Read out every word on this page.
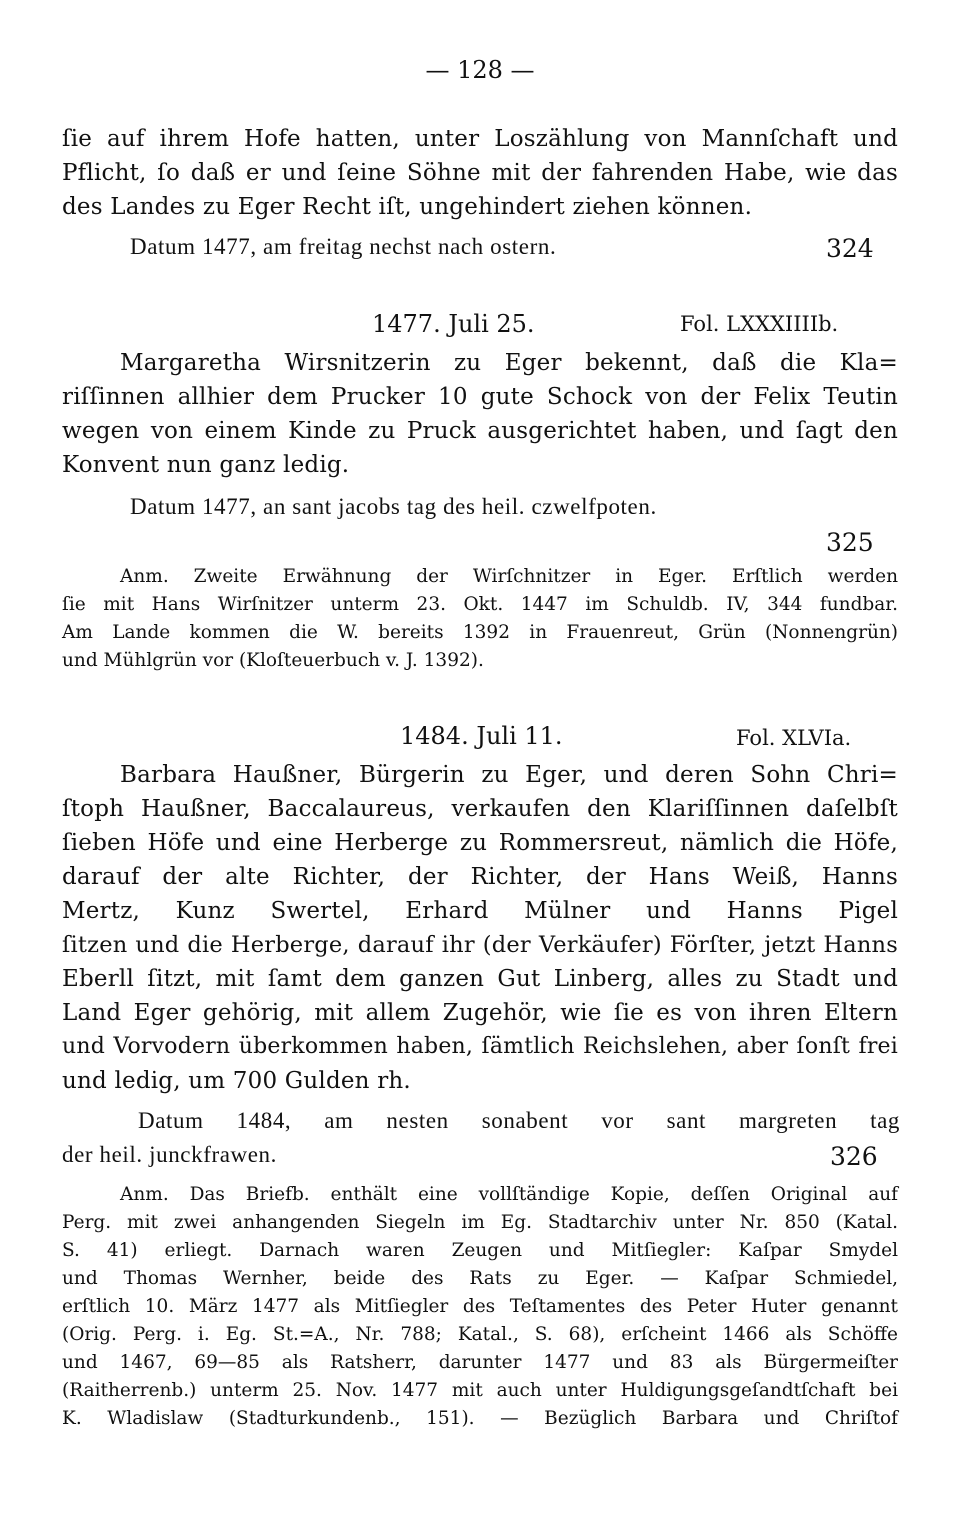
— 128 —
ſie auf ihrem Hofe hatten, unter Loszählung von Mannſchaft und
Pflicht, ſo daß er und ſeine Söhne mit der fahrenden Habe, wie das
des Landes zu Eger Recht iſt, ungehindert ziehen können.
Datum 1477, am freitag nechst nach ostern.	324
1477. Juli 25.	Fol. LXXXIIIIb.
Margaretha Wirsnitzerin zu Eger bekennt, daß die Kla=
riſſinnen allhier dem Prucker 10 gute Schock von der Felix Teutin
wegen von einem Kinde zu Pruck ausgerichtet haben, und ſagt den
Konvent nun ganz ledig.
Datum 1477, an sant jacobs tag des heil. czwelfpoten.
325
Anm. Zweite Erwähnung der Wirſchnitzer in Eger. Erſtlich werden
ſie mit Hans Wirſnitzer unterm 23. Okt. 1447 im Schuldb. IV, 344 fundbar.
Am Lande kommen die W. bereits 1392 in Frauenreut, Grün (Nonnengrün)
und Mühlgrün vor (Kloſteuerbuch v. J. 1392).
1484. Juli 11.	Fol. XLVIa.
Barbara Haußner, Bürgerin zu Eger, und deren Sohn Chri=
ſtoph Haußner, Baccalaureus, verkaufen den Klariſſinnen daſelbſt
ſieben Höfe und eine Herberge zu Rommersreut, nämlich die Höfe,
darauf der alte Richter, der Richter, der Hans Weiß, Hanns
Mertz, Kunz Swertel, Erhard Mülner und Hanns Pigel
ſitzen und die Herberge, darauf ihr (der Verkäufer) Förſter, jetzt Hanns
Eberll ſitzt, mit ſamt dem ganzen Gut Linberg, alles zu Stadt und
Land Eger gehörig, mit allem Zugehör, wie ſie es von ihren Eltern
und Vorvodern überkommen haben, ſämtlich Reichslehen, aber ſonſt frei
und ledig, um 700 Gulden rh.
Datum 1484, am nesten sonabent vor sant margreten tag
der heil. junckfrawen.	326
Anm. Das Briefb. enthält eine vollſtändige Kopie, deſſen Original auf
Perg. mit zwei anhangenden Siegeln im Eg. Stadtarchiv unter Nr. 850 (Katal.
S. 41) erliegt. Darnach waren Zeugen und Mitſiegler: Kaſpar Smydel
und Thomas Wernher, beide des Rats zu Eger. — Kaſpar Schmiedel,
erſtlich 10. März 1477 als Mitſiegler des Teſtamentes des Peter Huter genannt
(Orig. Perg. i. Eg. St.=A., Nr. 788; Katal., S. 68), erſcheint 1466 als Schöffe
und 1467, 69—85 als Ratsherr, darunter 1477 und 83 als Bürgermeiſter
(Raitherrenb.) unterm 25. Nov. 1477 mit auch unter Huldigungsgeſandtſchaft bei
K. Wladislaw (Stadturkundenb., 151). — Bezüglich Barbara und Chriſtof
